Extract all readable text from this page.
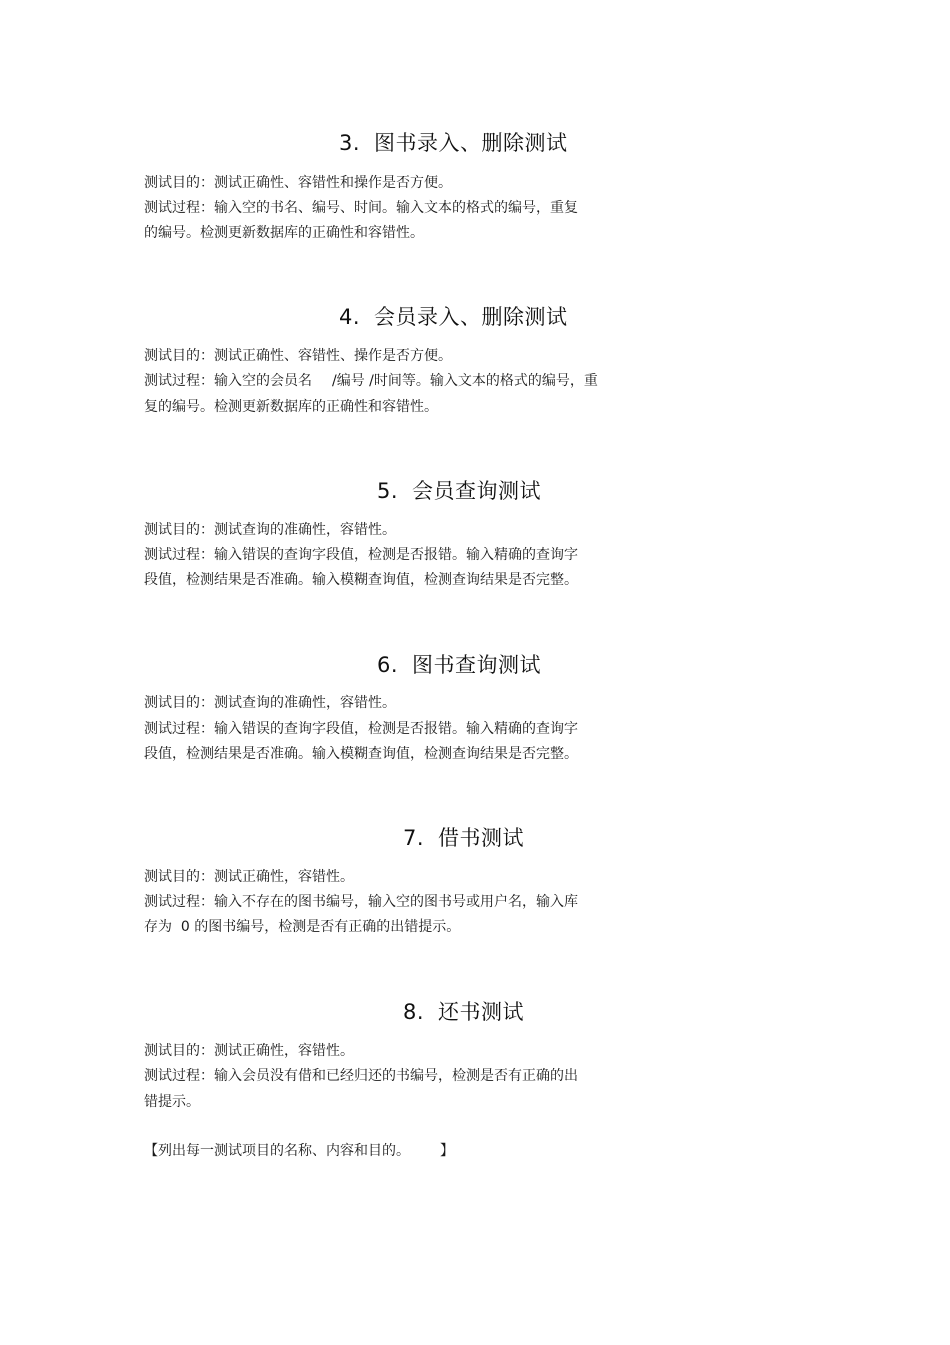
3. 图书录入、删除测试
测试目的：测试正确性、容错性和操作是否方便。
测试过程：输入空的书名、编号、时间。输入文本的格式的编号，重复
的编号。检测更新数据库的正确性和容错性。
4. 会员录入、删除测试
测试目的：测试正确性、容错性、操作是否方便。
测试过程：输入空的会员名 /编号 /时间等。输入文本的格式的编号，重
复的编号。检测更新数据库的正确性和容错性。
5. 会员查询测试
测试目的：测试查询的准确性，容错性。
测试过程：输入错误的查询字段值，检测是否报错。输入精确的查询字
段值，检测结果是否准确。输入模糊查询值，检测查询结果是否完整。
6. 图书查询测试
测试目的：测试查询的准确性，容错性。
测试过程：输入错误的查询字段值，检测是否报错。输入精确的查询字
段值，检测结果是否准确。输入模糊查询值，检测查询结果是否完整。
7. 借书测试
测试目的：测试正确性，容错性。
测试过程：输入不存在的图书编号，输入空的图书号或用户名，输入库
存为  0 的图书编号，检测是否有正确的出错提示。
8. 还书测试
测试目的：测试正确性，容错性。
测试过程：输入会员没有借和已经归还的书编号，检测是否有正确的出
错提示。
【列出每一测试项目的名称、内容和目的。 】
